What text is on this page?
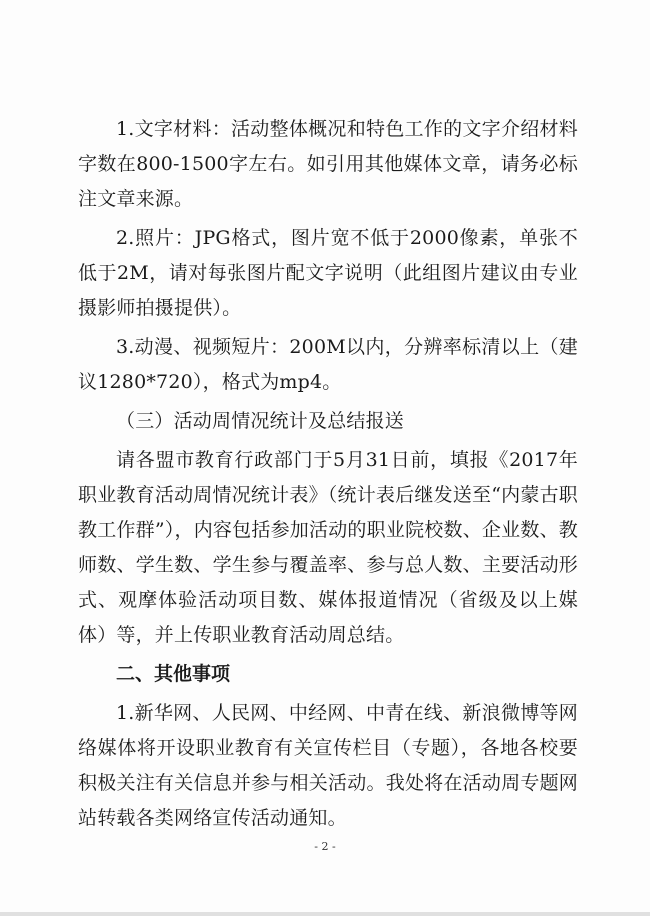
1.文字材料：活动整体概况和特色工作的文字介绍材料字数在800-1500字左右。如引用其他媒体文章，请务必标注文章来源。

2.照片：JPG格式，图片宽不低于2000像素，单张不低于2M，请对每张图片配文字说明（此组图片建议由专业摄影师拍摄提供）。

3.动漫、视频短片：200M以内，分辨率标清以上（建议1280*720），格式为mp4。

（三）活动周情况统计及总结报送

请各盟市教育行政部门于5月31日前，填报《2017年职业教育活动周情况统计表》（统计表后继发送至“内蒙古职教工作群”），内容包括参加活动的职业院校数、企业数、教师数、学生数、学生参与覆盖率、参与总人数、主要活动形式、观摩体验活动项目数、媒体报道情况（省级及以上媒体）等，并上传职业教育活动周总结。

二、其他事项

1.新华网、人民网、中经网、中青在线、新浪微博等网络媒体将开设职业教育有关宣传栏目（专题），各地各校要积极关注有关信息并参与相关活动。我处将在活动周专题网站转载各类网络宣传活动通知。

- 2 -
